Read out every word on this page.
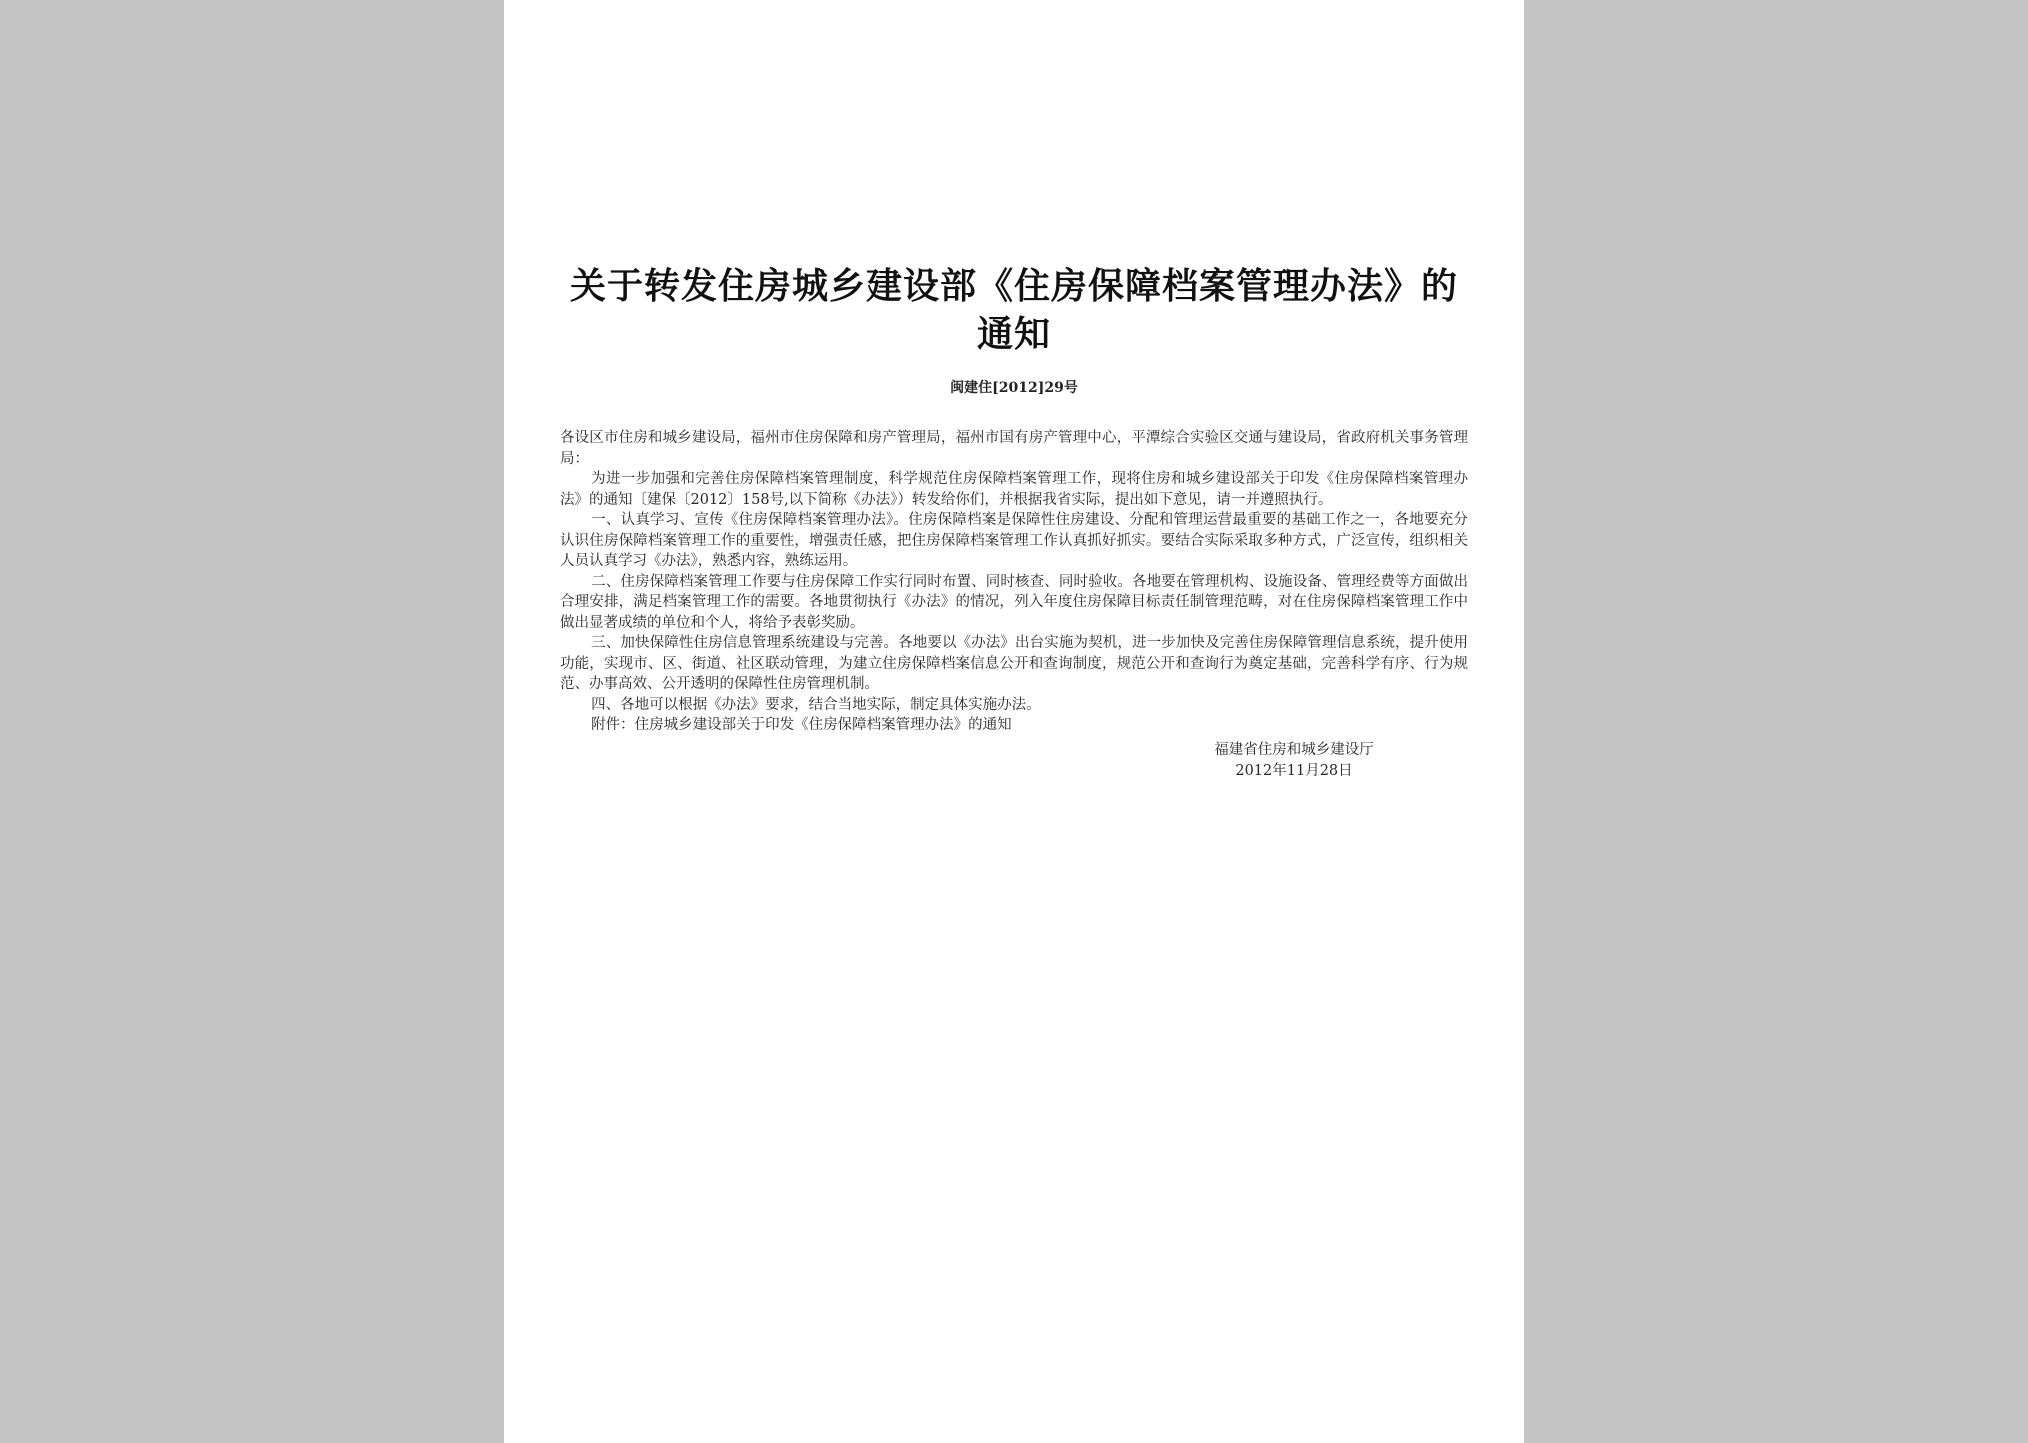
关于转发住房城乡建设部《住房保障档案管理办法》的通知
闽建住[2012]29号

各设区市住房和城乡建设局，福州市住房保障和房产管理局，福州市国有房产管理中心，平潭综合实验区交通与建设局，省政府机关事务管理局：

为进一步加强和完善住房保障档案管理制度，科学规范住房保障档案管理工作，现将住房和城乡建设部关于印发《住房保障档案管理办法》的通知〔建保〔2012〕158号,以下简称《办法》）转发给你们，并根据我省实际，提出如下意见，请一并遵照执行。

一、认真学习、宣传《住房保障档案管理办法》。住房保障档案是保障性住房建设、分配和管理运营最重要的基础工作之一，各地要充分认识住房保障档案管理工作的重要性，增强责任感，把住房保障档案管理工作认真抓好抓实。要结合实际采取多种方式，广泛宣传，组织相关人员认真学习《办法》，熟悉内容，熟练运用。

二、住房保障档案管理工作要与住房保障工作实行同时布置、同时核查、同时验收。各地要在管理机构、设施设备、管理经费等方面做出合理安排，满足档案管理工作的需要。各地贯彻执行《办法》的情况，列入年度住房保障目标责任制管理范畴，对在住房保障档案管理工作中做出显著成绩的单位和个人，将给予表彰奖励。

三、加快保障性住房信息管理系统建设与完善。各地要以《办法》出台实施为契机，进一步加快及完善住房保障管理信息系统，提升使用功能，实现市、区、街道、社区联动管理，为建立住房保障档案信息公开和查询制度，规范公开和查询行为奠定基础，完善科学有序、行为规范、办事高效、公开透明的保障性住房管理机制。

四、各地可以根据《办法》要求，结合当地实际，制定具体实施办法。

附件：住房城乡建设部关于印发《住房保障档案管理办法》的通知

福建省住房和城乡建设厅
2012年11月28日
